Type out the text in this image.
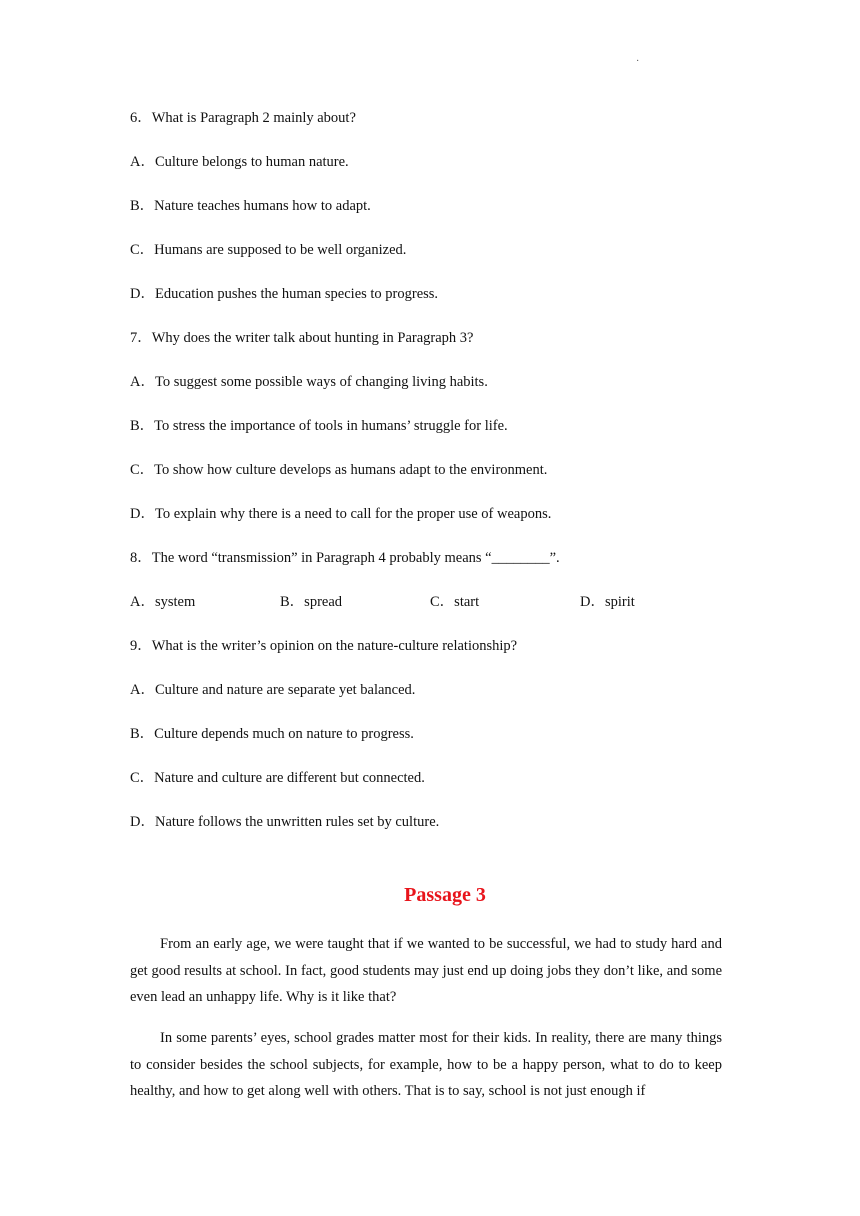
·
6．What is Paragraph 2 mainly about?
A．Culture belongs to human nature.
B．Nature teaches humans how to adapt.
C．Humans are supposed to be well organized.
D．Education pushes the human species to progress.
7．Why does the writer talk about hunting in Paragraph 3?
A．To suggest some possible ways of changing living habits.
B．To stress the importance of tools in humans’ struggle for life.
C．To show how culture develops as humans adapt to the environment.
D．To explain why there is a need to call for the proper use of weapons.
8．The word “transmission” in Paragraph 4 probably means “________”.
A．system	B．spread	C．start	D．spirit
9．What is the writer’s opinion on the nature-culture relationship?
A．Culture and nature are separate yet balanced.
B．Culture depends much on nature to progress.
C．Nature and culture are different but connected.
D．Nature follows the unwritten rules set by culture.
Passage 3

From an early age, we were taught that if we wanted to be successful, we had to study hard and get good results at school. In fact, good students may just end up doing jobs they don’t like, and some even lead an unhappy life. Why is it like that?

In some parents’ eyes, school grades matter most for their kids. In reality, there are many things to consider besides the school subjects, for example, how to be a happy person, what to do to keep healthy, and how to get along well with others. That is to say, school is not just enough if
